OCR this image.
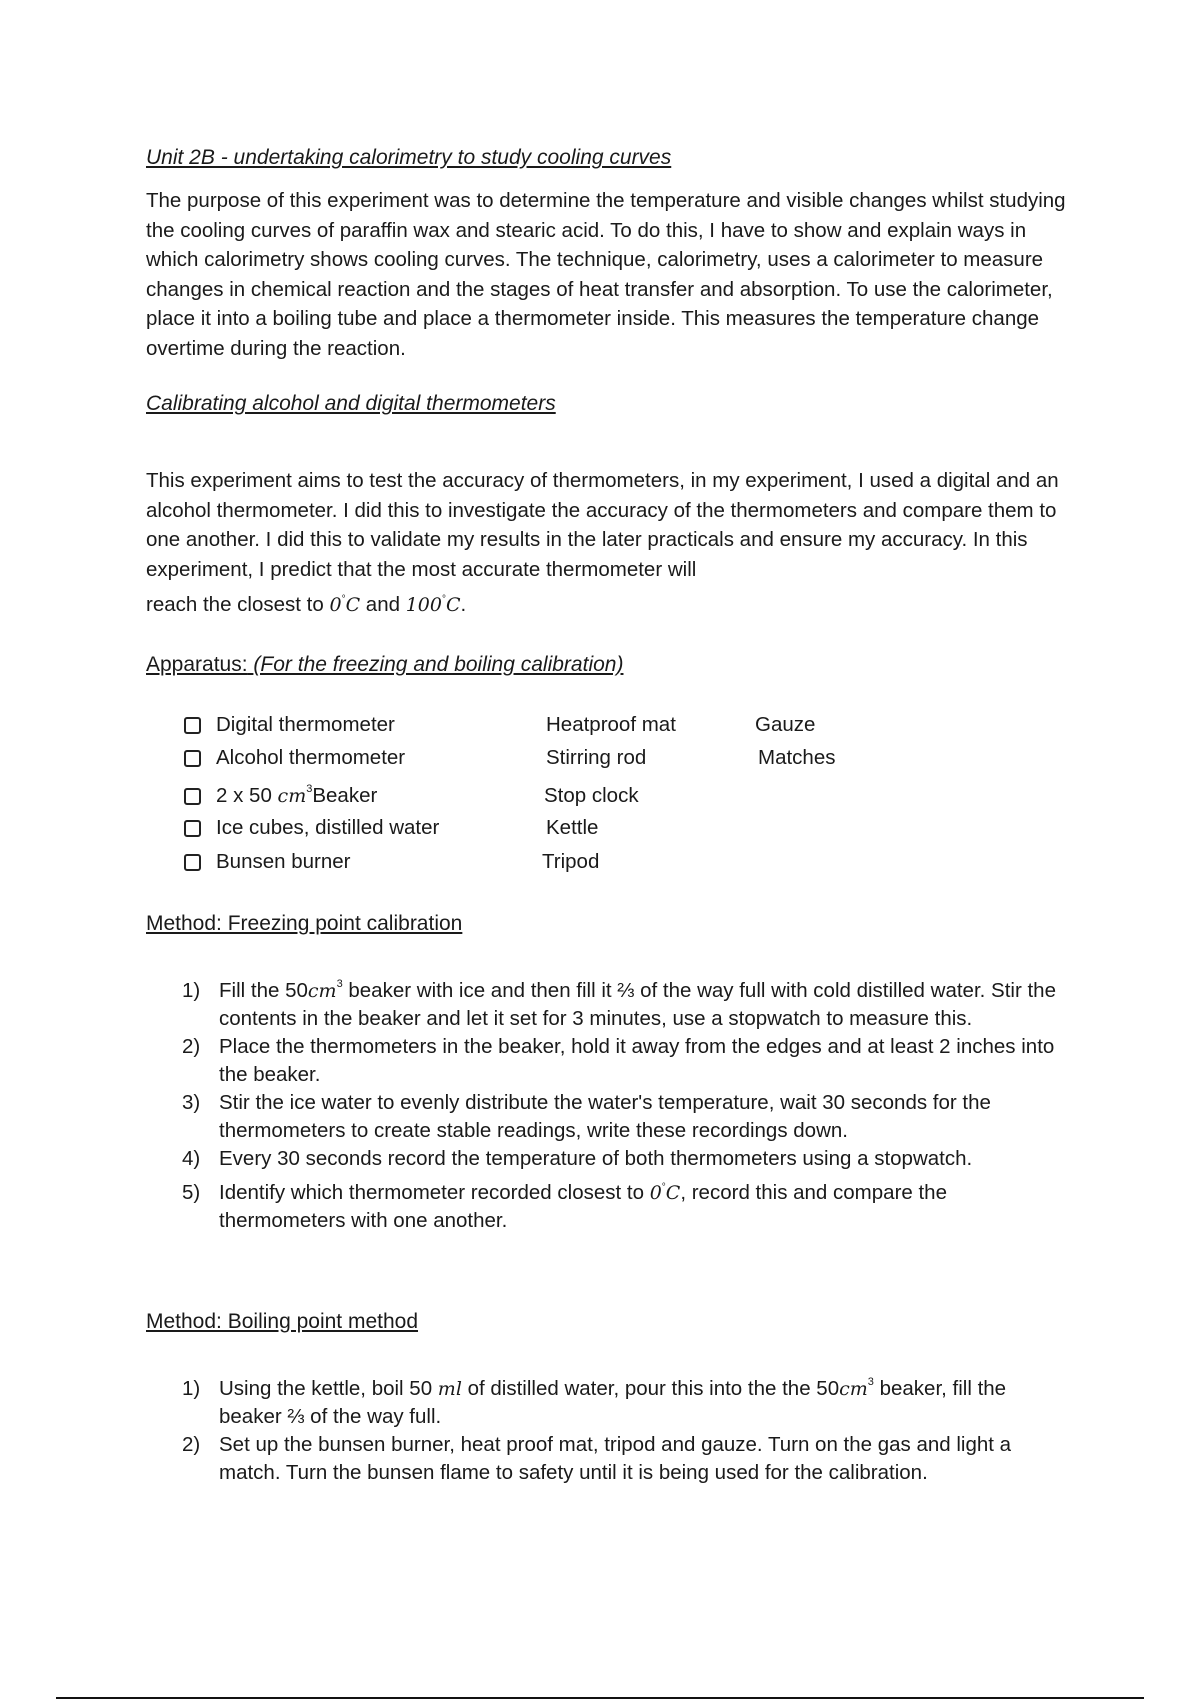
Unit 2B - undertaking calorimetry to study cooling curves
The purpose of this experiment was to determine the temperature and visible changes whilst studying the cooling curves of paraffin wax and stearic acid. To do this, I have to show and explain ways in which calorimetry shows cooling curves. The technique, calorimetry, uses a calorimeter to measure changes in chemical reaction and the stages of heat transfer and absorption. To use the calorimeter, place it into a boiling tube and place a thermometer inside. This measures the temperature change overtime during the reaction.
Calibrating alcohol and digital thermometers
This experiment aims to test the accuracy of thermometers, in my experiment, I used a digital and an alcohol thermometer. I did this to investigate the accuracy of the thermometers and compare them to one another. I did this to validate my results in the later practicals and ensure my accuracy. In this experiment, I predict that the most accurate thermometer will
reach the closest to 0°C and 100°C.
Apparatus: (For the freezing and boiling calibration)
Digital thermometer	Heatproof mat	Gauze
Alcohol thermometer	Stirring rod	Matches
2 x 50 $cm^3Beaker$	Stop clock
Ice cubes, distilled water	Kettle
Bunsen burner	Tripod
Method: Freezing point calibration
1) Fill the $50cm^3$ beaker with ice and then fill it ⅔ of the way full with cold distilled water. Stir the contents in the beaker and let it set for 3 minutes, use a stopwatch to measure this.
2) Place the thermometers in the beaker, hold it away from the edges and at least 2 inches into the beaker.
3) Stir the ice water to evenly distribute the water's temperature, wait 30 seconds for the thermometers to create stable readings, write these recordings down.
4) Every 30 seconds record the temperature of both thermometers using a stopwatch.
5) Identify which thermometer recorded closest to 0°C, record this and compare the thermometers with one another.
Method: Boiling point method
1) Using the kettle, boil 50 ml of distilled water, pour this into the the $50cm^3$ beaker, fill the beaker ⅔ of the way full.
2) Set up the bunsen burner, heat proof mat, tripod and gauze. Turn on the gas and light a match. Turn the bunsen flame to safety until it is being used for the calibration.
